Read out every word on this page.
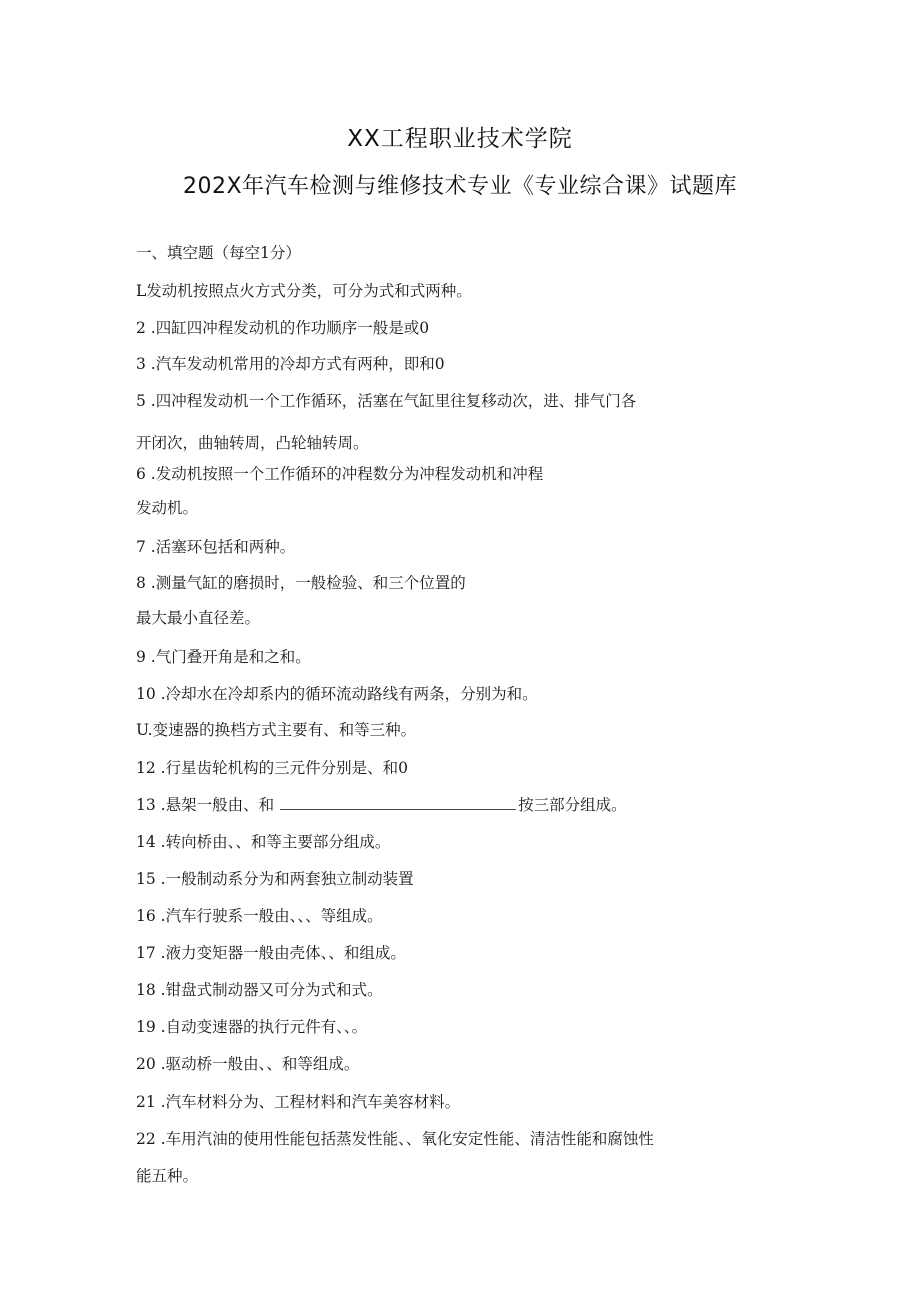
XX工程职业技术学院
202X年汽车检测与维修技术专业《专业综合课》试题库
一、填空题（每空1分）
L发动机按照点火方式分类，可分为式和式两种。
2 .四缸四冲程发动机的作功顺序一般是或0
3 .汽车发动机常用的冷却方式有两种，即和0
5 .四冲程发动机一个工作循环，活塞在气缸里往复移动次，进、排气门各
开闭次，曲轴转周，凸轮轴转周。
6 .发动机按照一个工作循环的冲程数分为冲程发动机和冲程
发动机。
7 .活塞环包括和两种。
8 .测量气缸的磨损时，一般检验、和三个位置的
最大最小直径差。
9 .气门叠开角是和之和。
10 .冷却水在冷却系内的循环流动路线有两条，分别为和。
U.变速器的换档方式主要有、和等三种。
12 .行星齿轮机构的三元件分别是、和0
13 .悬架一般由、和	按三部分组成。
14 .转向桥由、、和等主要部分组成。
15 .一般制动系分为和两套独立制动装置
16 .汽车行驶系一般由、、、等组成。
17 .液力变矩器一般由壳体、、和组成。
18 .钳盘式制动器又可分为式和式。
19 .自动变速器的执行元件有、、。
20 .驱动桥一般由、、和等组成。
21 .汽车材料分为、工程材料和汽车美容材料。
22 .车用汽油的使用性能包括蒸发性能、、氧化安定性能、清洁性能和腐蚀性
能五种。
